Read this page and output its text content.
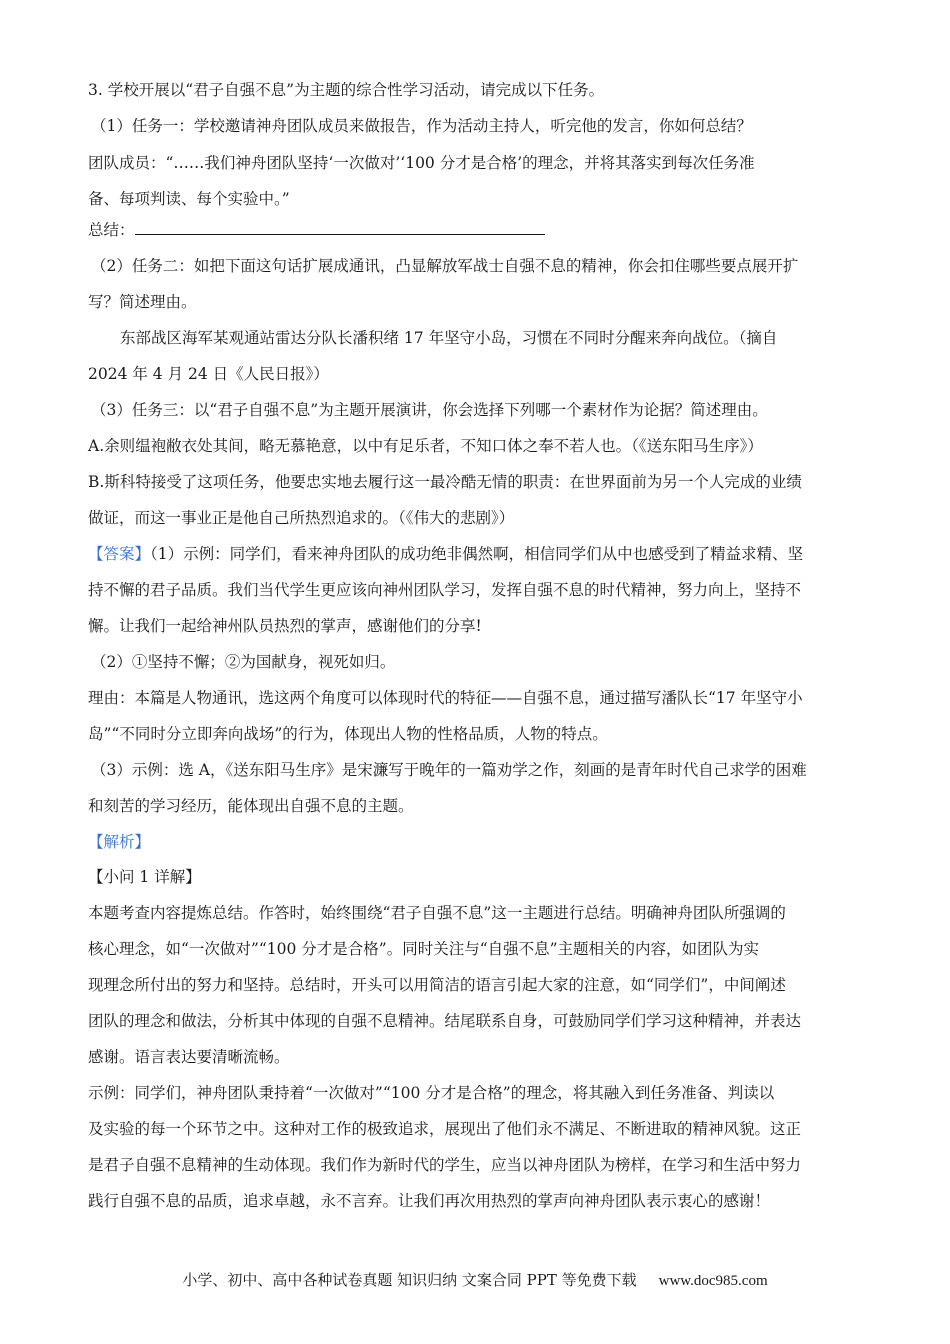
3. 学校开展以“君子自强不息”为主题的综合性学习活动，请完成以下任务。
（1）任务一：学校邀请神舟团队成员来做报告，作为活动主持人，听完他的发言，你如何总结？
团队成员：“……我们神舟团队坚持‘一次做对’‘100 分才是合格’的理念，并将其落实到每次任务准
备、每项判读、每个实验中。”
总结：
（2）任务二：如把下面这句话扩展成通讯，凸显解放军战士自强不息的精神，你会扣住哪些要点展开扩
写？简述理由。
东部战区海军某观通站雷达分队长潘积绪 17 年坚守小岛，习惯在不同时分醒来奔向战位。（摘自
2024 年 4 月 24 日《人民日报》）
（3）任务三：以“君子自强不息”为主题开展演讲，你会选择下列哪一个素材作为论据？简述理由。
A.余则缊袍敝衣处其间，略无慕艳意，以中有足乐者，不知口体之奉不若人也。（《送东阳马生序》）
B.斯科特接受了这项任务，他要忠实地去履行这一最冷酷无情的职责：在世界面前为另一个人完成的业绩
做证，而这一事业正是他自己所热烈追求的。（《伟大的悲剧》）
【答案】（1）示例：同学们，看来神舟团队的成功绝非偶然啊，相信同学们从中也感受到了精益求精、坚
持不懈的君子品质。我们当代学生更应该向神州团队学习，发挥自强不息的时代精神，努力向上，坚持不
懈。让我们一起给神州队员热烈的掌声，感谢他们的分享!
（2）①坚持不懈；②为国献身，视死如归。
理由：本篇是人物通讯，选这两个角度可以体现时代的特征——自强不息，通过描写潘队长“17 年坚守小
岛”“不同时分立即奔向战场”的行为，体现出人物的性格品质，人物的特点。
（3）示例：选 A，《送东阳马生序》是宋濂写于晚年的一篇劝学之作，刻画的是青年时代自己求学的困难
和刻苦的学习经历，能体现出自强不息的主题。
【解析】
【小问 1 详解】
本题考查内容提炼总结。作答时，始终围绕“君子自强不息”这一主题进行总结。明确神舟团队所强调的
核心理念，如“一次做对”“100 分才是合格”。同时关注与“自强不息”主题相关的内容，如团队为实
现理念所付出的努力和坚持。总结时，开头可以用简洁的语言引起大家的注意，如“同学们”，中间阐述
团队的理念和做法，分析其中体现的自强不息精神。结尾联系自身，可鼓励同学们学习这种精神，并表达
感谢。语言表达要清晰流畅。
示例：同学们，神舟团队秉持着“一次做对”“100 分才是合格”的理念，将其融入到任务准备、判读以
及实验的每一个环节之中。这种对工作的极致追求，展现出了他们永不满足、不断进取的精神风貌。这正
是君子自强不息精神的生动体现。我们作为新时代的学生，应当以神舟团队为榜样，在学习和生活中努力
践行自强不息的品质，追求卓越，永不言弃。让我们再次用热烈的掌声向神舟团队表示衷心的感谢！
小学、初中、高中各种试卷真题 知识归纳 文案合同 PPT 等免费下载 www.doc985.com
